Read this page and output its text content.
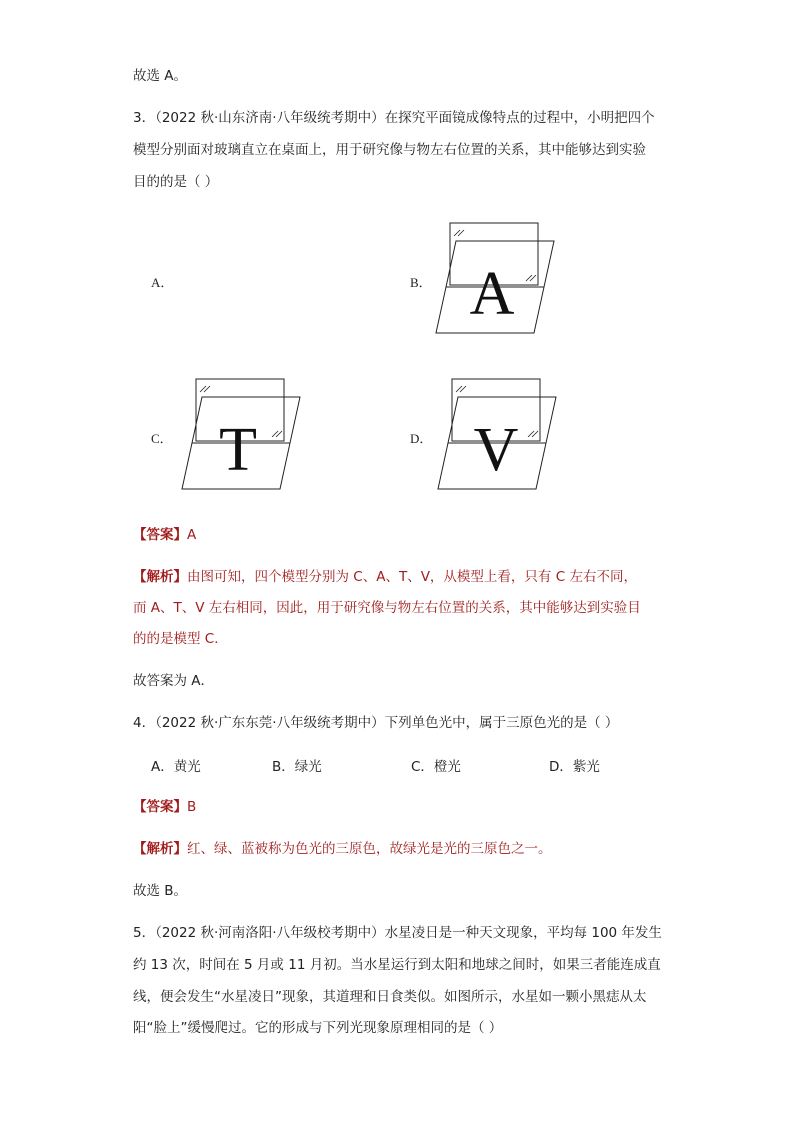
故选 A。
3．（2022 秋·山东济南·八年级统考期中）在探究平面镜成像特点的过程中，小明把四个
模型分别面对玻璃直立在桌面上，用于研究像与物左右位置的关系，其中能够达到实验
目的的是（ ）
A．	B． A
C． T	D． V
【答案】A
【解析】由图可知，四个模型分别为 C、A、T、V，从模型上看，只有 C 左右不同，
而 A、T、V 左右相同，因此，用于研究像与物左右位置的关系，其中能够达到实验目
的的是模型 C．
故答案为 A．
4．（2022 秋·广东东莞·八年级统考期中）下列单色光中，属于三原色光的是（ ）
A．黄光	B．绿光	C．橙光	D．紫光
【答案】B
【解析】红、绿、蓝被称为色光的三原色，故绿光是光的三原色之一。
故选 B。
5．（2022 秋·河南洛阳·八年级校考期中）水星凌日是一种天文现象，平均每 100 年发生
约 13 次，时间在 5 月或 11 月初。当水星运行到太阳和地球之间时，如果三者能连成直
线，便会发生“水星凌日”现象，其道理和日食类似。如图所示，水星如一颗小黑痣从太
阳“脸上”缓慢爬过。它的形成与下列光现象原理相同的是（ ）
